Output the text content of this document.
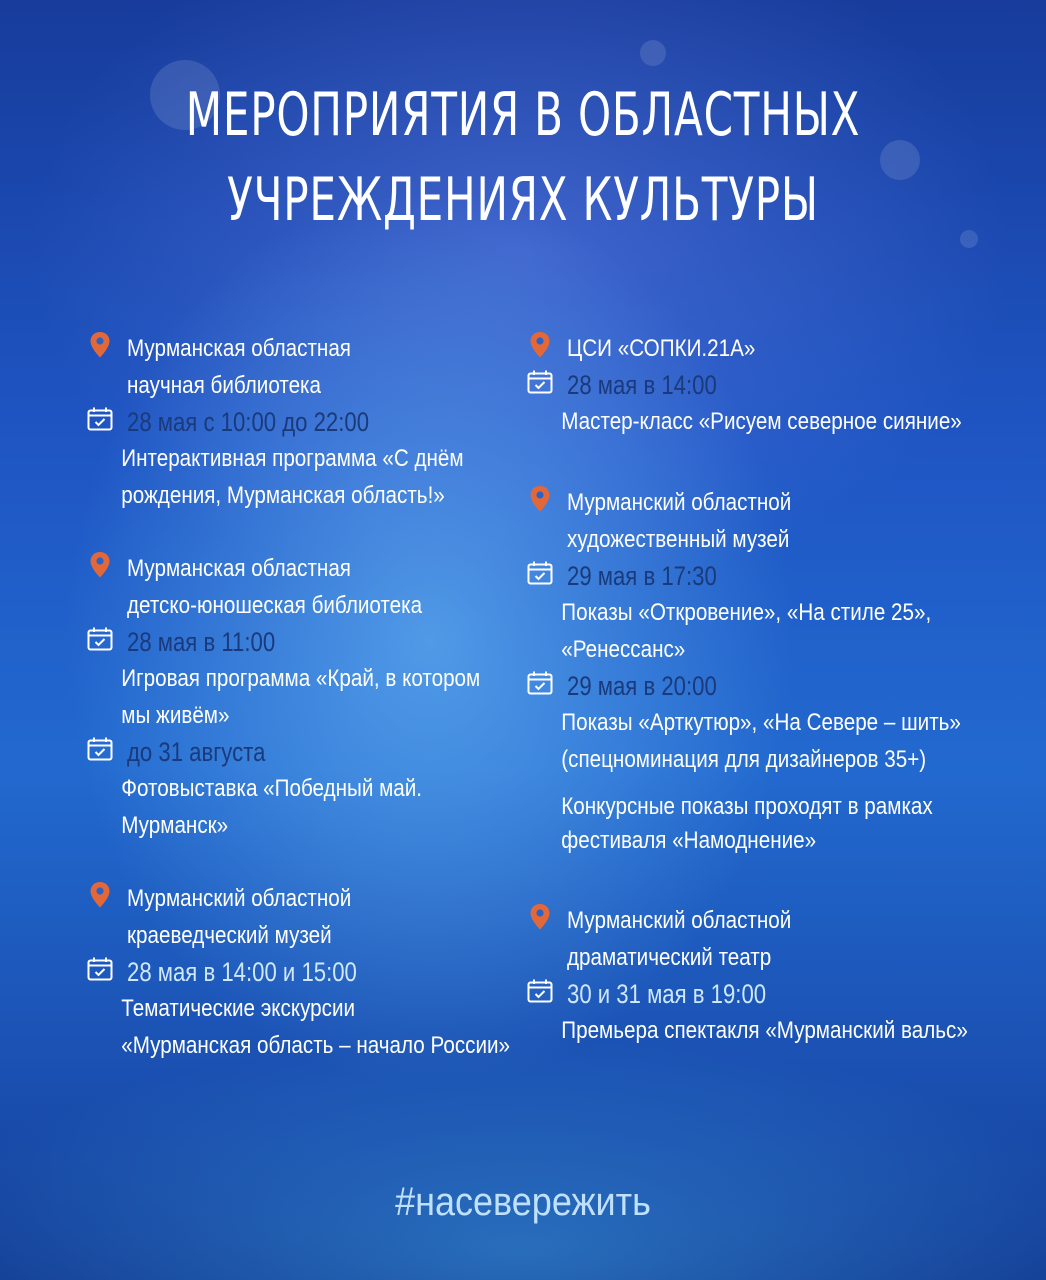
МЕРОПРИЯТИЯ В ОБЛАСТНЫХ
УЧРЕЖДЕНИЯХ КУЛЬТУРЫ
Мурманская областная
научная библиотека
28 мая с 10:00 до 22:00
Интерактивная программа «С днём
рождения, Мурманская область!»
Мурманская областная
детско-юношеская библиотека
28 мая в 11:00
Игровая программа «Край, в котором
мы живём»
до 31 августа
Фотовыставка «Победный май.
Мурманск»
Мурманский областной
краеведческий музей
28 мая в 14:00 и 15:00
Тематические экскурсии
«Мурманская область – начало России»
ЦСИ «СОПКИ.21А»
28 мая в 14:00
Мастер-класс «Рисуем северное сияние»
Мурманский областной
художественный музей
29 мая в 17:30
Показы «Откровение», «На стиле 25»,
«Ренессанс»
29 мая в 20:00
Показы «Арткутюр», «На Севере – шить»
(спецноминация для дизайнеров 35+)
Конкурсные показы проходят в рамках
фестиваля «Намоднение»
Мурманский областной
драматический театр
30 и 31 мая в 19:00
Премьера спектакля «Мурманский вальс»
#насевережить
